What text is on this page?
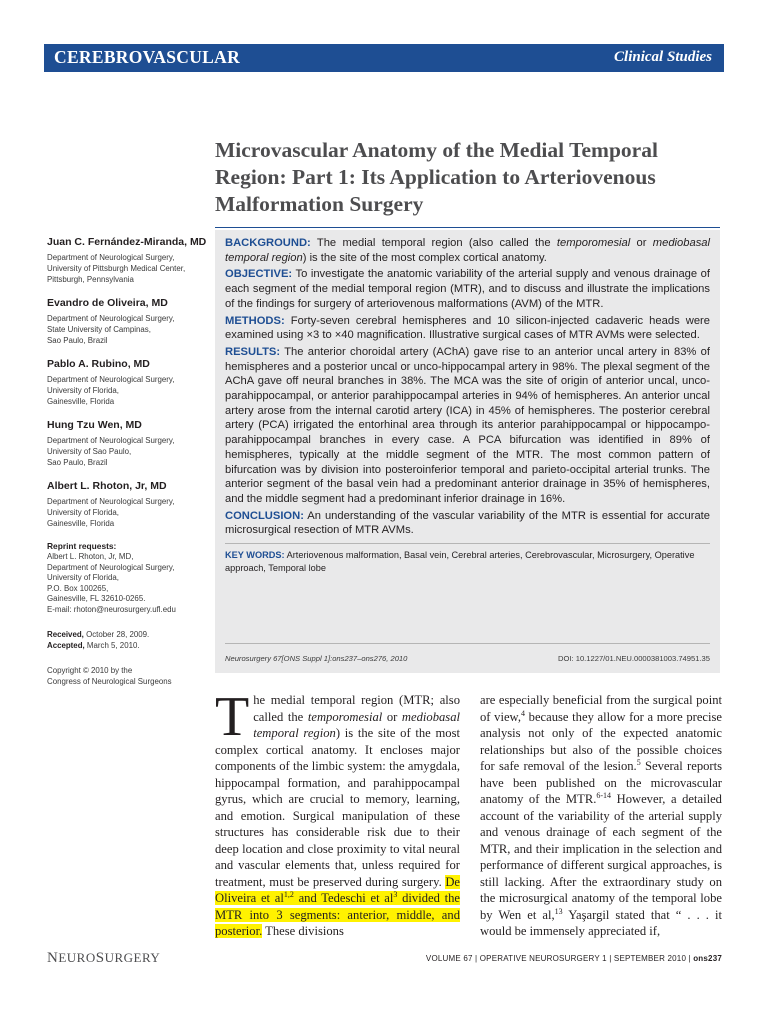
CEREBROVASCULAR	Clinical Studies
Microvascular Anatomy of the Medial Temporal Region: Part 1: Its Application to Arteriovenous Malformation Surgery
Juan C. Fernández-Miranda, MD
Department of Neurological Surgery,
University of Pittsburgh Medical Center,
Pittsburgh, Pennsylvania
Evandro de Oliveira, MD
Department of Neurological Surgery,
State University of Campinas,
Sao Paulo, Brazil
Pablo A. Rubino, MD
Department of Neurological Surgery,
University of Florida,
Gainesville, Florida
Hung Tzu Wen, MD
Department of Neurological Surgery,
University of Sao Paulo,
Sao Paulo, Brazil
Albert L. Rhoton, Jr, MD
Department of Neurological Surgery,
University of Florida,
Gainesville, Florida
Reprint requests:
Albert L. Rhoton, Jr, MD,
Department of Neurological Surgery,
University of Florida,
P.O. Box 100265,
Gainesville, FL 32610-0265.
E-mail: rhoton@neurosurgery.ufl.edu
Received, October 28, 2009.
Accepted, March 5, 2010.
Copyright © 2010 by the
Congress of Neurological Surgeons

BACKGROUND: The medial temporal region (also called the temporomesial or mediobasal temporal region) is the site of the most complex cortical anatomy.

OBJECTIVE: To investigate the anatomic variability of the arterial supply and venous drainage of each segment of the medial temporal region (MTR), and to discuss and illustrate the implications of the findings for surgery of arteriovenous malformations (AVM) of the MTR.

METHODS: Forty-seven cerebral hemispheres and 10 silicon-injected cadaveric heads were examined using ×3 to ×40 magnification. Illustrative surgical cases of MTR AVMs were selected.

RESULTS: The anterior choroidal artery (AChA) gave rise to an anterior uncal artery in 83% of hemispheres and a posterior uncal or unco-hippocampal artery in 98%. The plexal segment of the AChA gave off neural branches in 38%. The MCA was the site of origin of anterior uncal, unco-parahippocampal, or anterior parahippocampal arteries in 94% of hemispheres. An anterior uncal artery arose from the internal carotid artery (ICA) in 45% of hemispheres. The posterior cerebral artery (PCA) irrigated the entorhinal area through its anterior parahippocampal or hippocampo-parahippocampal branches in every case. A PCA bifurcation was identified in 89% of hemispheres, typically at the middle segment of the MTR. The most common pattern of bifurcation was by division into posteroinferior temporal and parieto-occipital arterial trunks. The anterior segment of the basal vein had a predominant anterior drainage in 35% of hemispheres, and the middle segment had a predominant inferior drainage in 16%.

CONCLUSION: An understanding of the vascular variability of the MTR is essential for accurate microsurgical resection of MTR AVMs.

KEY WORDS: Arteriovenous malformation, Basal vein, Cerebral arteries, Cerebrovascular, Microsurgery, Operative approach, Temporal lobe

Neurosurgery 67[ONS Suppl 1]:ons237–ons276, 2010	DOI: 10.1227/01.NEU.0000381003.74951.35
The medial temporal region (MTR; also called the temporomesial or mediobasal temporal region) is the site of the most complex cortical anatomy. It encloses major components of the limbic system: the amygdala, hippocampal formation, and parahippocampal gyrus, which are crucial to memory, learning, and emotion. Surgical manipulation of these structures has considerable risk due to their deep location and close proximity to vital neural and vascular elements that, unless required for treatment, must be preserved during surgery. De Oliveira et al$^{1,2}$ and Tedeschi et $al^3$ divided the MTR into 3 segments: anterior, middle, and posterior. These divisions
are especially beneficial from the surgical point of view,$^4$ because they allow for a more precise analysis not only of the expected anatomic relationships but also of the possible choices for safe removal of the lesion.$^5$ Several reports have been published on the microvascular anatomy of the MTR.$^{6-14}$ However, a detailed account of the variability of the arterial supply and venous drainage of each segment of the MTR, and their implication in the selection and performance of different surgical approaches, is still lacking. After the extraordinary study on the microsurgical anatomy of the temporal lobe by Wen et al,$^{13}$ Yaşargil stated that “ . . . it would be immensely appreciated if,
NEUROSURGERY	VOLUME 67 | OPERATIVE NEUROSURGERY 1 | SEPTEMBER 2010 | ons237
